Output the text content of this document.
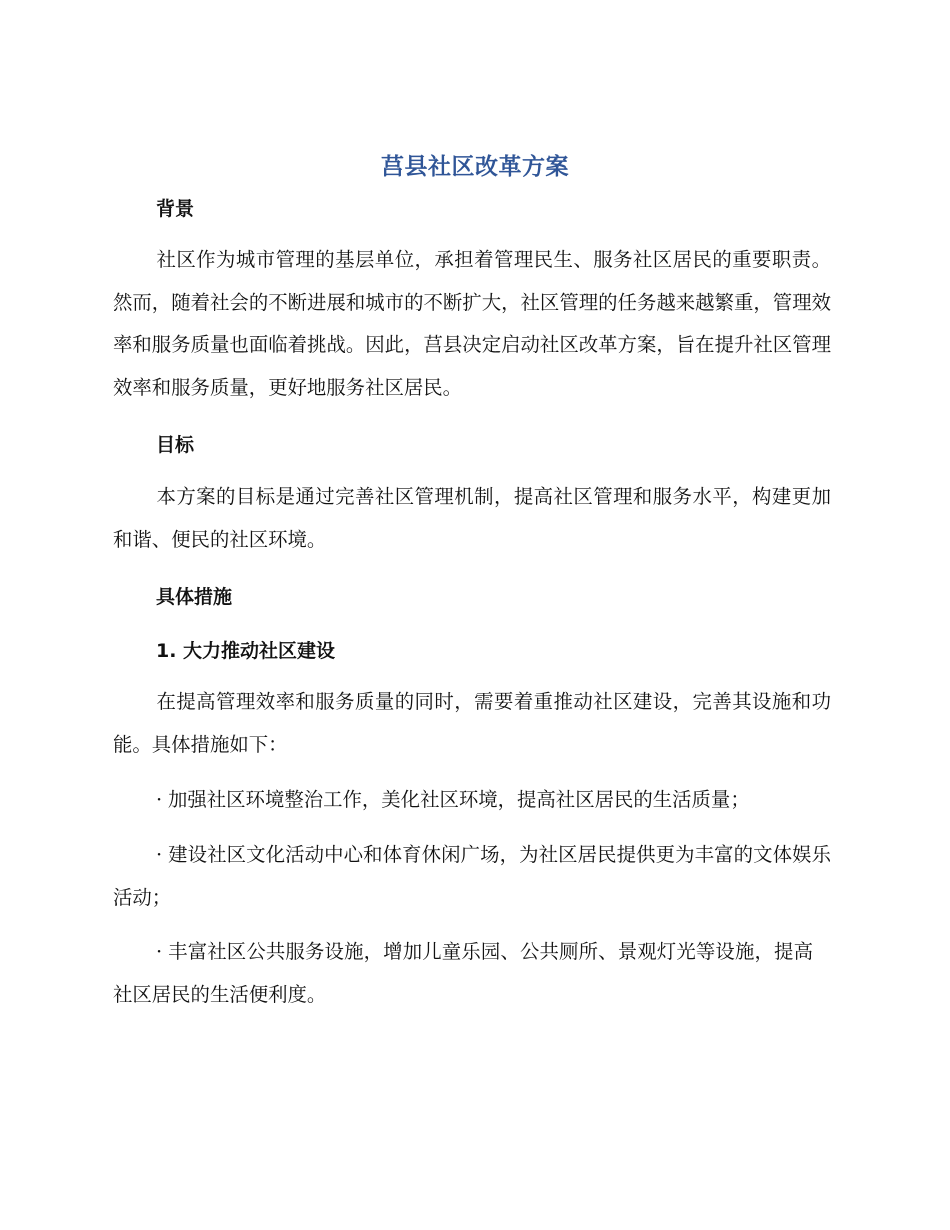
莒县社区改革方案
背景
社区作为城市管理的基层单位，承担着管理民生、服务社区居民的重要职责。然而，随着社会的不断进展和城市的不断扩大，社区管理的任务越来越繁重，管理效率和服务质量也面临着挑战。因此，莒县决定启动社区改革方案，旨在提升社区管理效率和服务质量，更好地服务社区居民。
目标
本方案的目标是通过完善社区管理机制，提高社区管理和服务水平，构建更加和谐、便民的社区环境。
具体措施
1. 大力推动社区建设
在提高管理效率和服务质量的同时，需要着重推动社区建设，完善其设施和功能。具体措施如下：
· 加强社区环境整治工作，美化社区环境，提高社区居民的生活质量；
· 建设社区文化活动中心和体育休闲广场，为社区居民提供更为丰富的文体娱乐活动；
· 丰富社区公共服务设施，增加儿童乐园、公共厕所、景观灯光等设施，提高社区居民的生活便利度。
